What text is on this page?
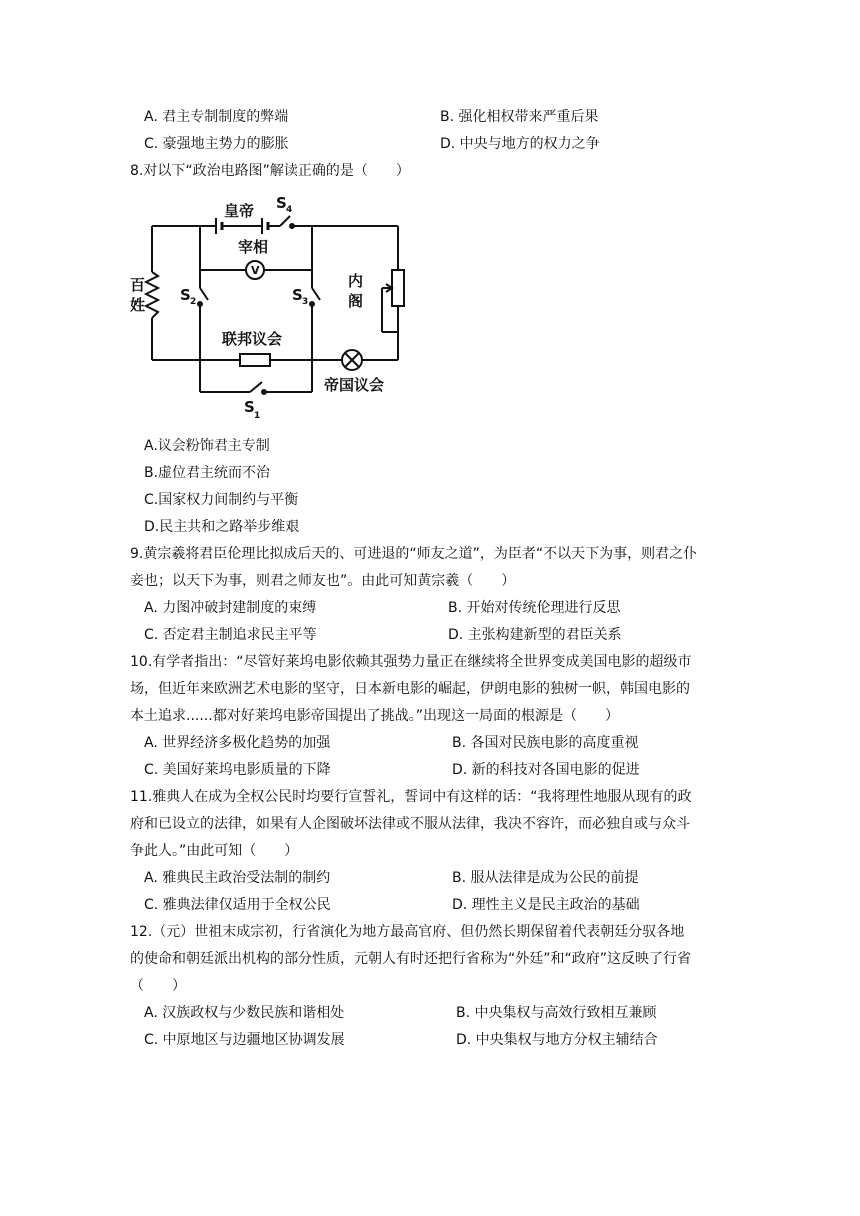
A. 君主专制制度的弊端	B. 强化相权带来严重后果
C. 豪强地主势力的膨胀	D. 中央与地方的权力之争
8.对以下“政治电路图”解读正确的是（　　）
V
皇帝 S 4
宰相
百
姓
S 2	S 3
内
阁
联邦议会
帝国议会
S 1
A.议会粉饰君主专制
B.虚位君主统而不治
C.国家权力间制约与平衡
D.民主共和之路举步维艰
9.黄宗羲将君臣伦理比拟成后天的、可进退的“师友之道”，为臣者“不以天下为事，则君之仆
妾也；以天下为事，则君之师友也”。由此可知黄宗羲（　　）
A. 力图冲破封建制度的束缚	B. 开始对传统伦理进行反思
C. 否定君主制追求民主平等	D. 主张构建新型的君臣关系
10.有学者指出：“尽管好莱坞电影依赖其强势力量正在继续将全世界变成美国电影的超级市
场，但近年来欧洲艺术电影的坚守，日本新电影的崛起，伊朗电影的独树一帜，韩国电影的
本土追求......都对好莱坞电影帝国提出了挑战。”出现这一局面的根源是（　　）
A. 世界经济多极化趋势的加强	B. 各国对民族电影的高度重视
C. 美国好莱坞电影质量的下降	D. 新的科技对各国电影的促进
11.雅典人在成为全权公民时均要行宣誓礼，誓词中有这样的话：“我将理性地服从现有的政
府和已设立的法律，如果有人企图破坏法律或不服从法律，我决不容许，而必独自或与众斗
争此人。”由此可知（　　）
A. 雅典民主政治受法制的制约	B. 服从法律是成为公民的前提
C. 雅典法律仅适用于全权公民	D. 理性主义是民主政治的基础
12.（元）世祖末成宗初，行省演化为地方最高官府、但仍然长期保留着代表朝廷分驭各地
的使命和朝廷派出机构的部分性质，元朝人有时还把行省称为“外廷”和“政府”这反映了行省
（　　）
A. 汉族政权与少数民族和谐相处	B. 中央集权与高效行致相互兼顾
C. 中原地区与边疆地区协调发展	D. 中央集权与地方分权主辅结合
